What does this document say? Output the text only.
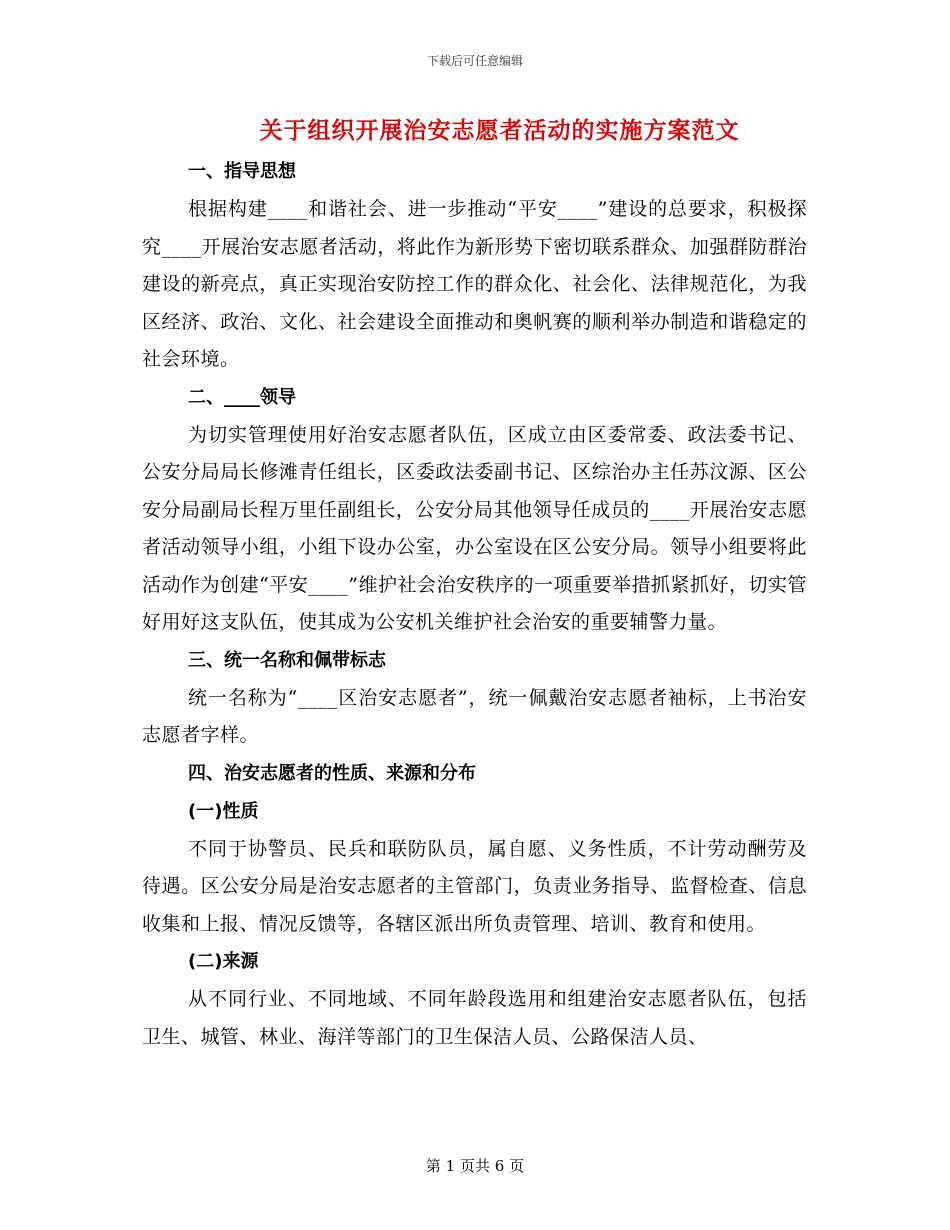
下载后可任意编辑
关于组织开展治安志愿者活动的实施方案范文
一、指导思想

根据构建____和谐社会、进一步推动“平安____”建设的总要求，积极探究____开展治安志愿者活动，将此作为新形势下密切联系群众、加强群防群治建设的新亮点，真正实现治安防控工作的群众化、社会化、法律规范化，为我区经济、政治、文化、社会建设全面推动和奥帆赛的顺利举办制造和谐稳定的社会环境。

二、____领导

为切实管理使用好治安志愿者队伍，区成立由区委常委、政法委书记、公安分局局长修滩青任组长，区委政法委副书记、区综治办主任苏汶源、区公安分局副局长程万里任副组长，公安分局其他领导任成员的____开展治安志愿者活动领导小组，小组下设办公室，办公室设在区公安分局。领导小组要将此活动作为创建“平安____”维护社会治安秩序的一项重要举措抓紧抓好，切实管好用好这支队伍，使其成为公安机关维护社会治安的重要辅警力量。

三、统一名称和佩带标志

统一名称为“____区治安志愿者”，统一佩戴治安志愿者袖标，上书治安志愿者字样。

四、治安志愿者的性质、来源和分布
(一)性质

不同于协警员、民兵和联防队员，属自愿、义务性质，不计劳动酬劳及待遇。区公安分局是治安志愿者的主管部门，负责业务指导、监督检查、信息收集和上报、情况反馈等，各辖区派出所负责管理、培训、教育和使用。

(二)来源

从不同行业、不同地域、不同年龄段选用和组建治安志愿者队伍，包括卫生、城管、林业、海洋等部门的卫生保洁人员、公路保洁人员、

第 1 页共 6 页
